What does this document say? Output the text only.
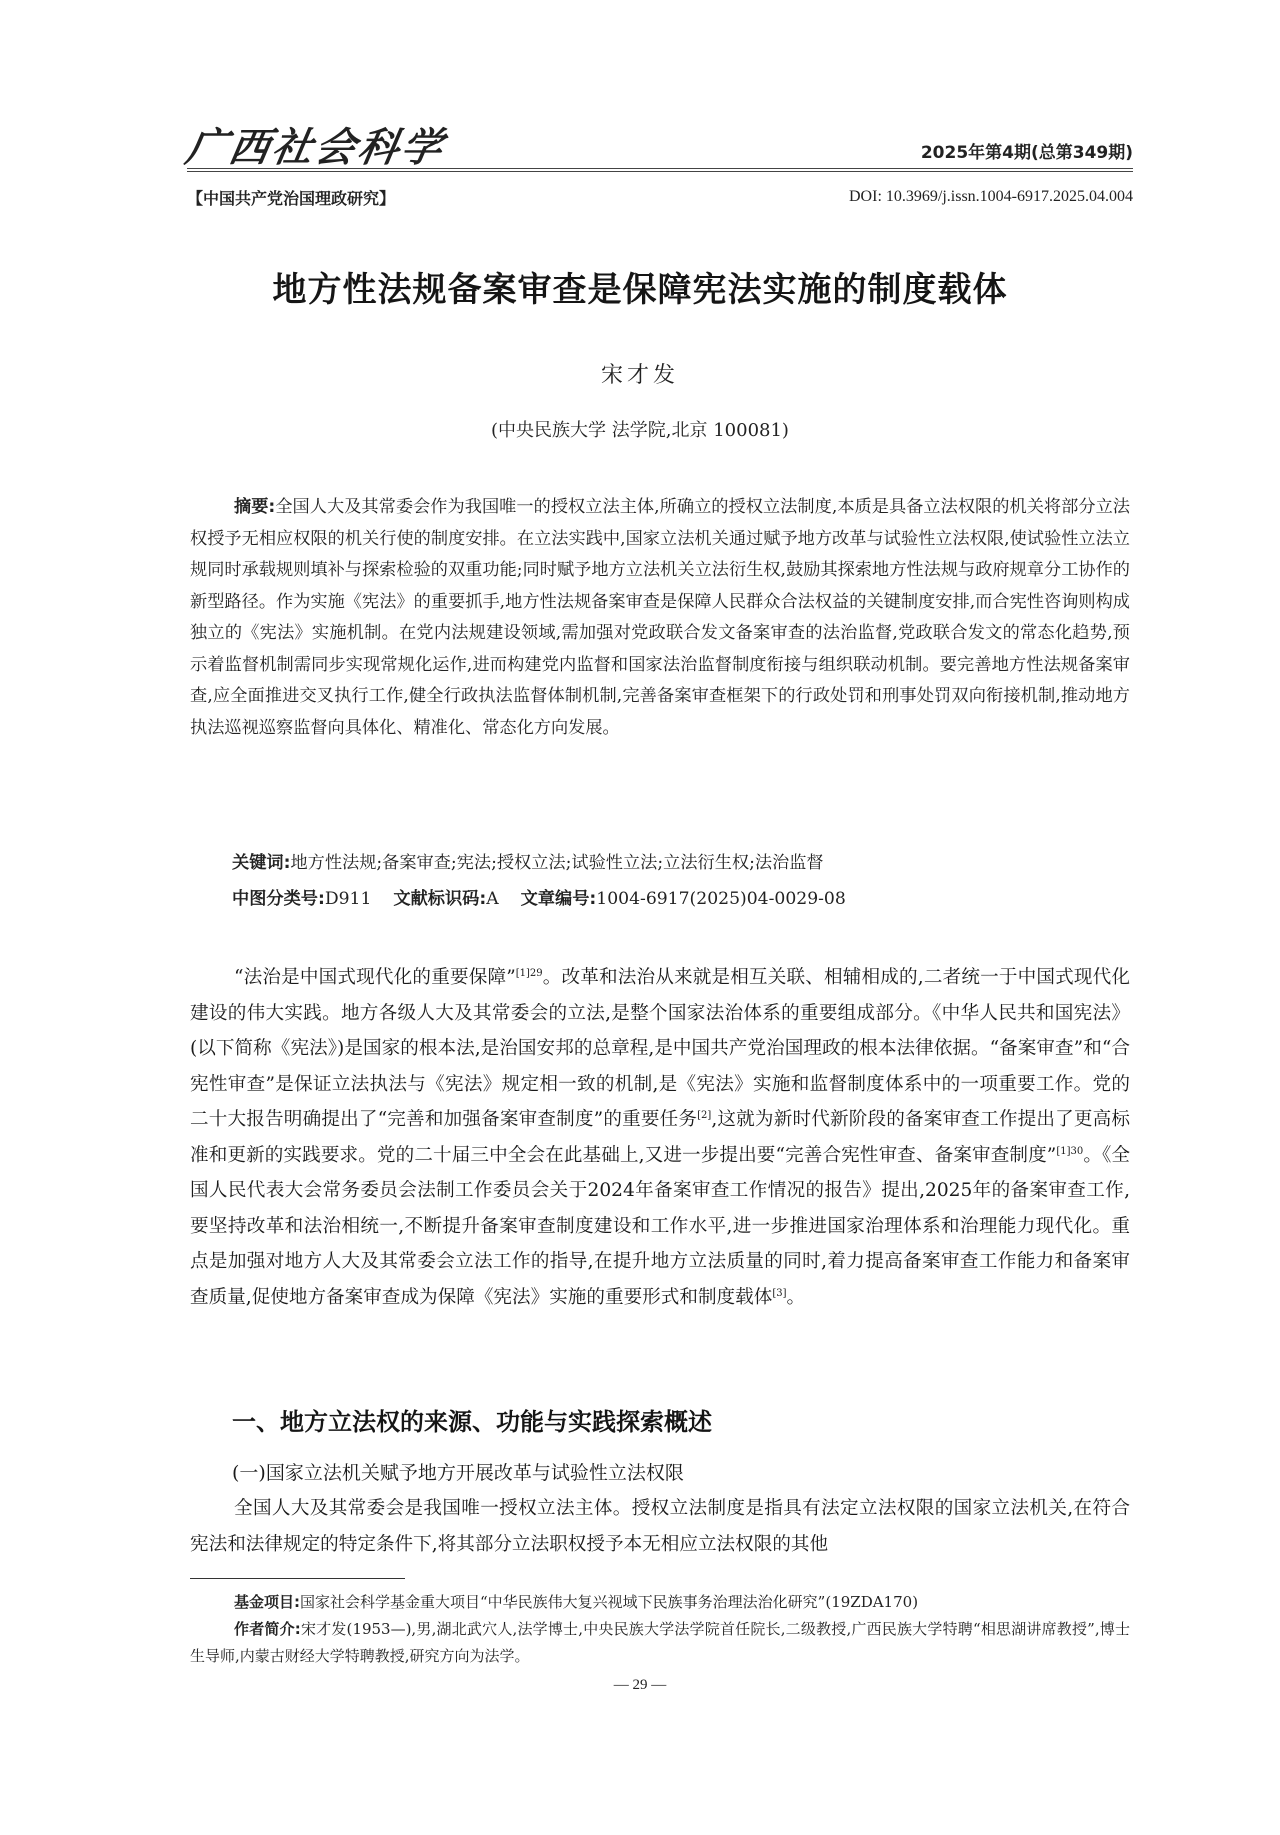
广西社会科学	2025年第4期(总第349期)
【中国共产党治国理政研究】	DOI: 10.3969/j.issn.1004-6917.2025.04.004
地方性法规备案审查是保障宪法实施的制度载体
宋才发
(中央民族大学 法学院,北京 100081)
摘要:全国人大及其常委会作为我国唯一的授权立法主体,所确立的授权立法制度,本质是具备立法权限的机关将部分立法权授予无相应权限的机关行使的制度安排。在立法实践中,国家立法机关通过赋予地方改革与试验性立法权限,使试验性立法立规同时承载规则填补与探索检验的双重功能;同时赋予地方立法机关立法衍生权,鼓励其探索地方性法规与政府规章分工协作的新型路径。作为实施《宪法》的重要抓手,地方性法规备案审查是保障人民群众合法权益的关键制度安排,而合宪性咨询则构成独立的《宪法》实施机制。在党内法规建设领域,需加强对党政联合发文备案审查的法治监督,党政联合发文的常态化趋势,预示着监督机制需同步实现常规化运作,进而构建党内监督和国家法治监督制度衔接与组织联动机制。要完善地方性法规备案审查,应全面推进交叉执行工作,健全行政执法监督体制机制,完善备案审查框架下的行政处罚和刑事处罚双向衔接机制,推动地方执法巡视巡察监督向具体化、精准化、常态化方向发展。
关键词:地方性法规;备案审查;宪法;授权立法;试验性立法;立法衍生权;法治监督
中图分类号:D911 文献标识码:A 文章编号:1004-6917(2025)04-0029-08
“法治是中国式现代化的重要保障”$^{[1]29}$。改革和法治从来就是相互关联、相辅相成的,二者统一于中国式现代化建设的伟大实践。地方各级人大及其常委会的立法,是整个国家法治体系的重要组成部分。《中华人民共和国宪法》(以下简称《宪法》)是国家的根本法,是治国安邦的总章程,是中国共产党治国理政的根本法律依据。“备案审查”和“合宪性审查”是保证立法执法与《宪法》规定相一致的机制,是《宪法》实施和监督制度体系中的一项重要工作。党的二十大报告明确提出了“完善和加强备案审查制度”的重要任务[2],这就为新时代新阶段的备案审查工作提出了更高标准和更新的实践要求。党的二十届三中全会在此基础上,又进一步提出要“完善合宪性审查、备案审查制度”$^{[1]30}$。《全国人民代表大会常务委员会法制工作委员会关于2024年备案审查工作情况的报告》提出,2025年的备案审查工作,要坚持改革和法治相统一,不断提升备案审查制度建设和工作水平,进一步推进国家治理体系和治理能力现代化。重点是加强对地方人大及其常委会立法工作的指导,在提升地方立法质量的同时,着力提高备案审查工作能力和备案审查质量,促使地方备案审查成为保障《宪法》实施的重要形式和制度载体[3]。
一、地方立法权的来源、功能与实践探索概述
(一)国家立法机关赋予地方开展改革与试验性立法权限
全国人大及其常委会是我国唯一授权立法主体。授权立法制度是指具有法定立法权限的国家立法机关,在符合宪法和法律规定的特定条件下,将其部分立法职权授予本无相应立法权限的其他

基金项目:国家社会科学基金重大项目“中华民族伟大复兴视域下民族事务治理法治化研究”(19ZDA170)

作者简介:宋才发(1953—),男,湖北武穴人,法学博士,中央民族大学法学院首任院长,二级教授,广西民族大学特聘“相思湖讲席教授”,博士生导师,内蒙古财经大学特聘教授,研究方向为法学。

— 29 —
